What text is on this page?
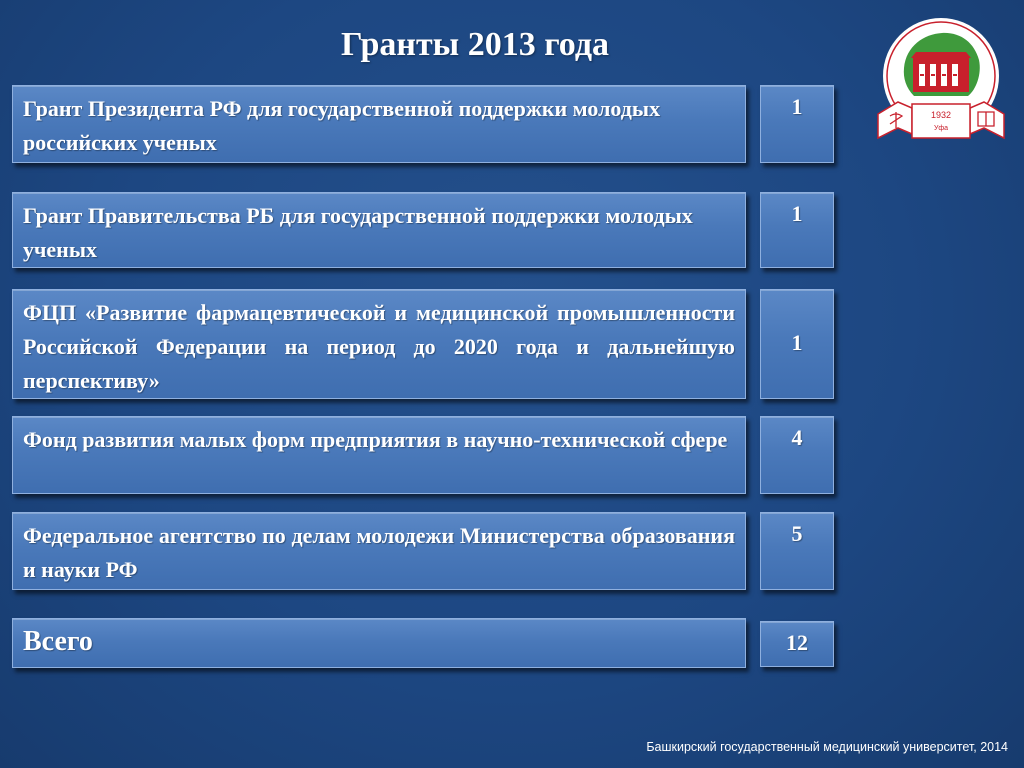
Гранты 2013 года
1932
Уфа
Грант Президента РФ для государственной поддержки молодых российских ученых
1
Грант Правительства РБ для государственной поддержки молодых ученых
1
ФЦП «Развитие фармацевтической и медицинской промышленности Российской Федерации на период до 2020 года и дальнейшую перспективу»
1
Фонд развития малых форм предприятия в научно-технической сфере	4
Федеральное агентство по делам молодежи Министерства образования и науки РФ
5
Всего	12
Башкирский государственный медицинский университет, 2014
